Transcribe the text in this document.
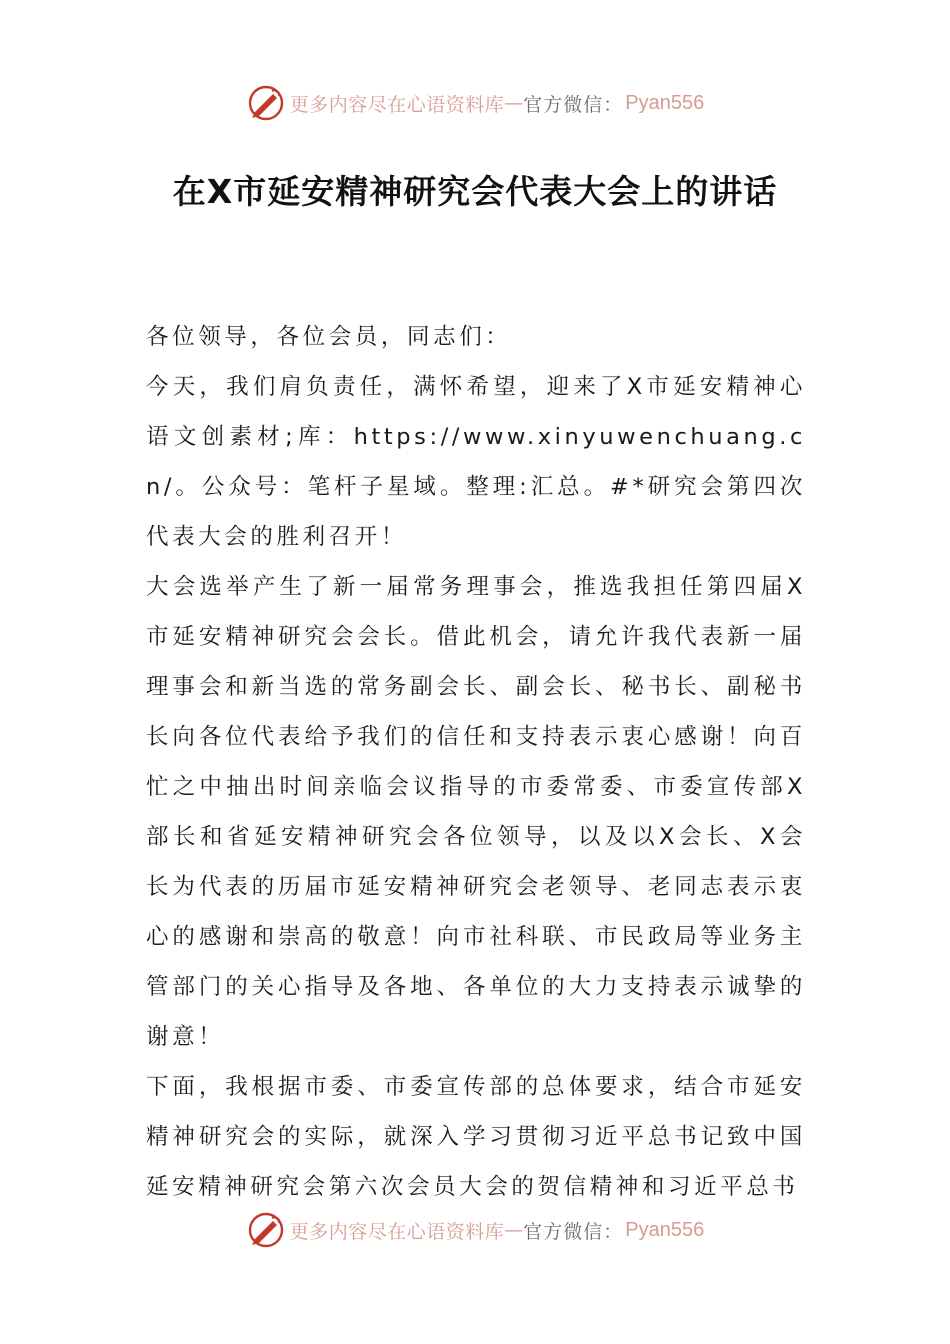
更多内容尽在心语资料库 — 官方微信： Pyan556
在X市延安精神研究会代表大会上的讲话

各位领导，各位会员，同志们：

今天，我们肩负责任，满怀希望，迎来了X市延安精神心语文创素材;库：https://www.xinyuwenchuang.cn/。公众号：笔杆子星域。整理:汇总。#*研究会第四次代表大会的胜利召开！

大会选举产生了新一届常务理事会，推选我担任第四届X市延安精神研究会会长。借此机会，请允许我代表新一届理事会和新当选的常务副会长、副会长、秘书长、副秘书长向各位代表给予我们的信任和支持表示衷心感谢！向百忙之中抽出时间亲临会议指导的市委常委、市委宣传部X部长和省延安精神研究会各位领导，以及以X会长、X会长为代表的历届市延安精神研究会老领导、老同志表示衷心的感谢和崇高的敬意！向市社科联、市民政局等业务主管部门的关心指导及各地、各单位的大力支持表示诚挚的谢意！

下面，我根据市委、市委宣传部的总体要求，结合市延安精神研究会的实际，就深入学习贯彻习近平总书记致中国延安精神研究会第六次会员大会的贺信精神和习近平总书

更多内容尽在心语资料库 — 官方微信： Pyan556
